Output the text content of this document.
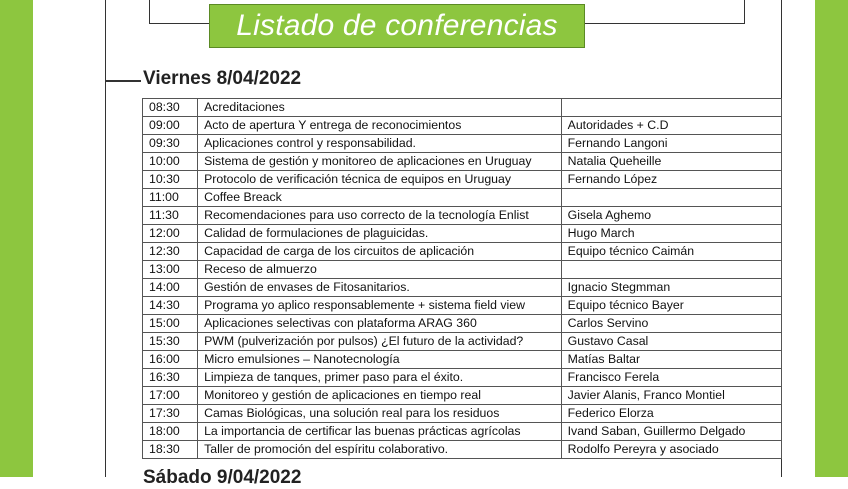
Listado de conferencias
Viernes 8/04/2022
08:30	Acreditaciones	
09:00	Acto de apertura Y entrega de reconocimientos	Autoridades + C.D
09:30	Aplicaciones control y responsabilidad.	Fernando Langoni
10:00	Sistema de gestión y monitoreo de aplicaciones en Uruguay	Natalia Queheille
10:30	Protocolo de verificación técnica de equipos en Uruguay	Fernando López
11:00	Coffee Breack	
11:30	Recomendaciones para uso correcto de la tecnología Enlist	Gisela Aghemo
12:00	Calidad de formulaciones de plaguicidas.	Hugo March
12:30	Capacidad de carga de los circuitos de aplicación	Equipo técnico Caimán
13:00	Receso de almuerzo	
14:00	Gestión de envases de Fitosanitarios.	Ignacio Stegmman
14:30	Programa yo aplico responsablemente + sistema field view	Equipo técnico Bayer
15:00	Aplicaciones selectivas con plataforma ARAG 360	Carlos Servino
15:30	PWM (pulverización por pulsos) ¿El futuro de la actividad?	Gustavo Casal
16:00	Micro emulsiones – Nanotecnología	Matías Baltar
16:30	Limpieza de tanques, primer paso para el éxito.	Francisco Ferela
17:00	Monitoreo y gestión de aplicaciones en tiempo real	Javier Alanis, Franco Montiel
17:30	Camas Biológicas, una solución real para los residuos	Federico Elorza
18:00	La importancia de certificar las buenas prácticas agrícolas	Ivand Saban, Guillermo Delgado
18:30	Taller de promoción del espíritu colaborativo.	Rodolfo Pereyra y asociado
Sábado 9/04/2022
